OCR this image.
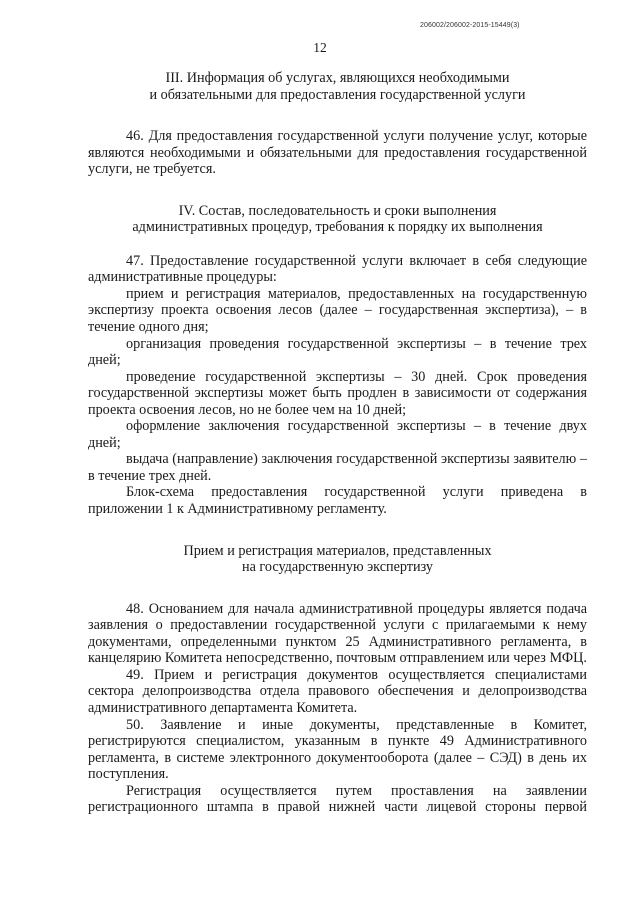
206002/206002-2015-15449(3)
12

III. Информация об услугах, являющихся необходимыми

и обязательными для предоставления государственной услуги

46. Для предоставления государственной услуги получение услуг, которые являются необходимыми и обязательными для предоставления государственной услуги, не требуется.

IV. Состав, последовательность и сроки выполнения

административных процедур, требования к порядку их выполнения

47. Предоставление государственной услуги включает в себя следующие административные процедуры:

прием и регистрация материалов, предоставленных на государственную экспертизу проекта освоения лесов (далее – государственная экспертиза), – в течение одного дня;

организация проведения государственной экспертизы – в течение трех дней;

проведение государственной экспертизы – 30 дней. Срок проведения государственной экспертизы может быть продлен в зависимости от содержания проекта освоения лесов, но не более чем на 10 дней;

оформление заключения государственной экспертизы – в течение двух дней;

выдача (направление) заключения государственной экспертизы заявителю – в течение трех дней.

Блок-схема предоставления государственной услуги приведена в приложении 1 к Административному регламенту.

Прием и регистрация материалов, представленных

на государственную экспертизу

48. Основанием для начала административной процедуры является подача заявления о предоставлении государственной услуги с прилагаемыми к нему документами, определенными пунктом 25 Административного регламента, в канцелярию Комитета непосредственно, почтовым отправлением или через МФЦ.

49. Прием и регистрация документов осуществляется специалистами сектора делопроизводства отдела правового обеспечения и делопроизводства административного департамента Комитета.

50. Заявление и иные документы, представленные в Комитет, регистрируются специалистом, указанным в пункте 49 Административного регламента, в системе электронного документооборота (далее – СЭД) в день их поступления.

Регистрация осуществляется путем проставления на заявлении регистрационного штампа в правой нижней части лицевой стороны первой
